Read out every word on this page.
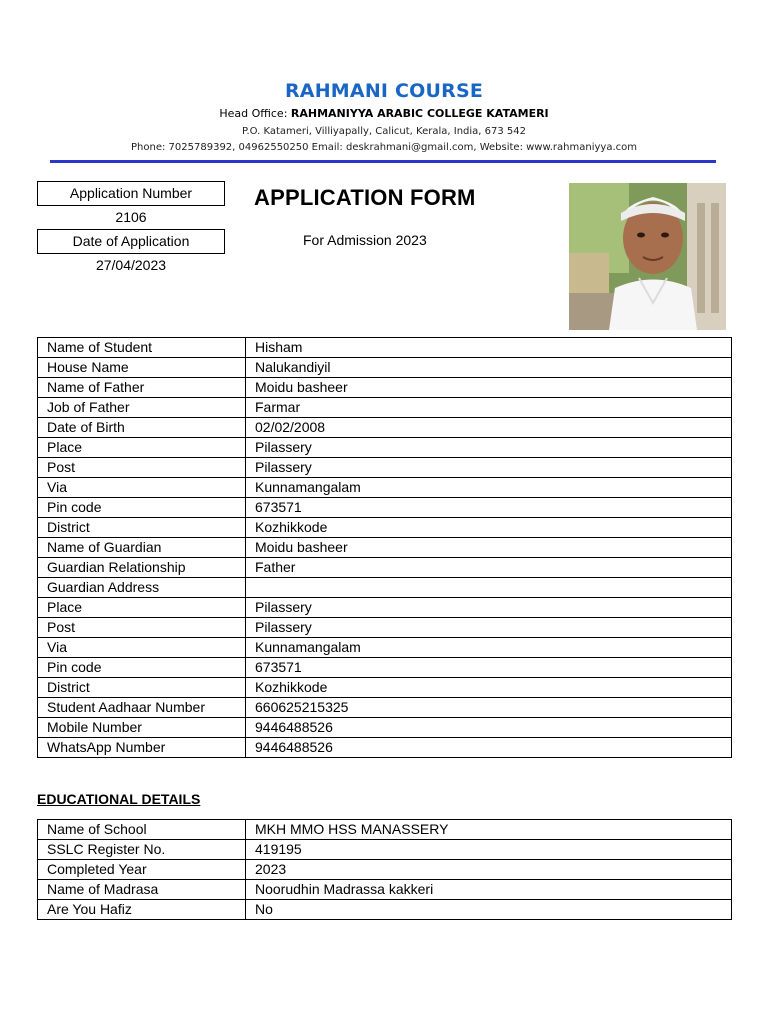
RAHMANI COURSE
Head Office: RAHMANIYYA ARABIC COLLEGE KATAMERI
P.O. Katameri, Villiyapally, Calicut, Kerala, India, 673 542
Phone: 7025789392, 04962550250 Email: deskrahmani@gmail.com, Website: www.rahmaniyya.com
Application Number
2106
Date of Application
27/04/2023
APPLICATION FORM
For Admission 2023
Name of Student	Hisham
House Name	Nalukandiyil
Name of Father	Moidu basheer
Job of Father	Farmar
Date of Birth	02/02/2008
Place	Pilassery
Post	Pilassery
Via	Kunnamangalam
Pin code	673571
District	Kozhikkode
Name of Guardian	Moidu basheer
Guardian Relationship	Father
Guardian Address	
Place	Pilassery
Post	Pilassery
Via	Kunnamangalam
Pin code	673571
District	Kozhikkode
Student Aadhaar Number	660625215325
Mobile Number	9446488526
WhatsApp Number	9446488526
EDUCATIONAL DETAILS
Name of School	MKH MMO HSS MANASSERY
SSLC Register No.	419195
Completed Year	2023
Name of Madrasa	Noorudhin Madrassa kakkeri
Are You Hafiz	No
